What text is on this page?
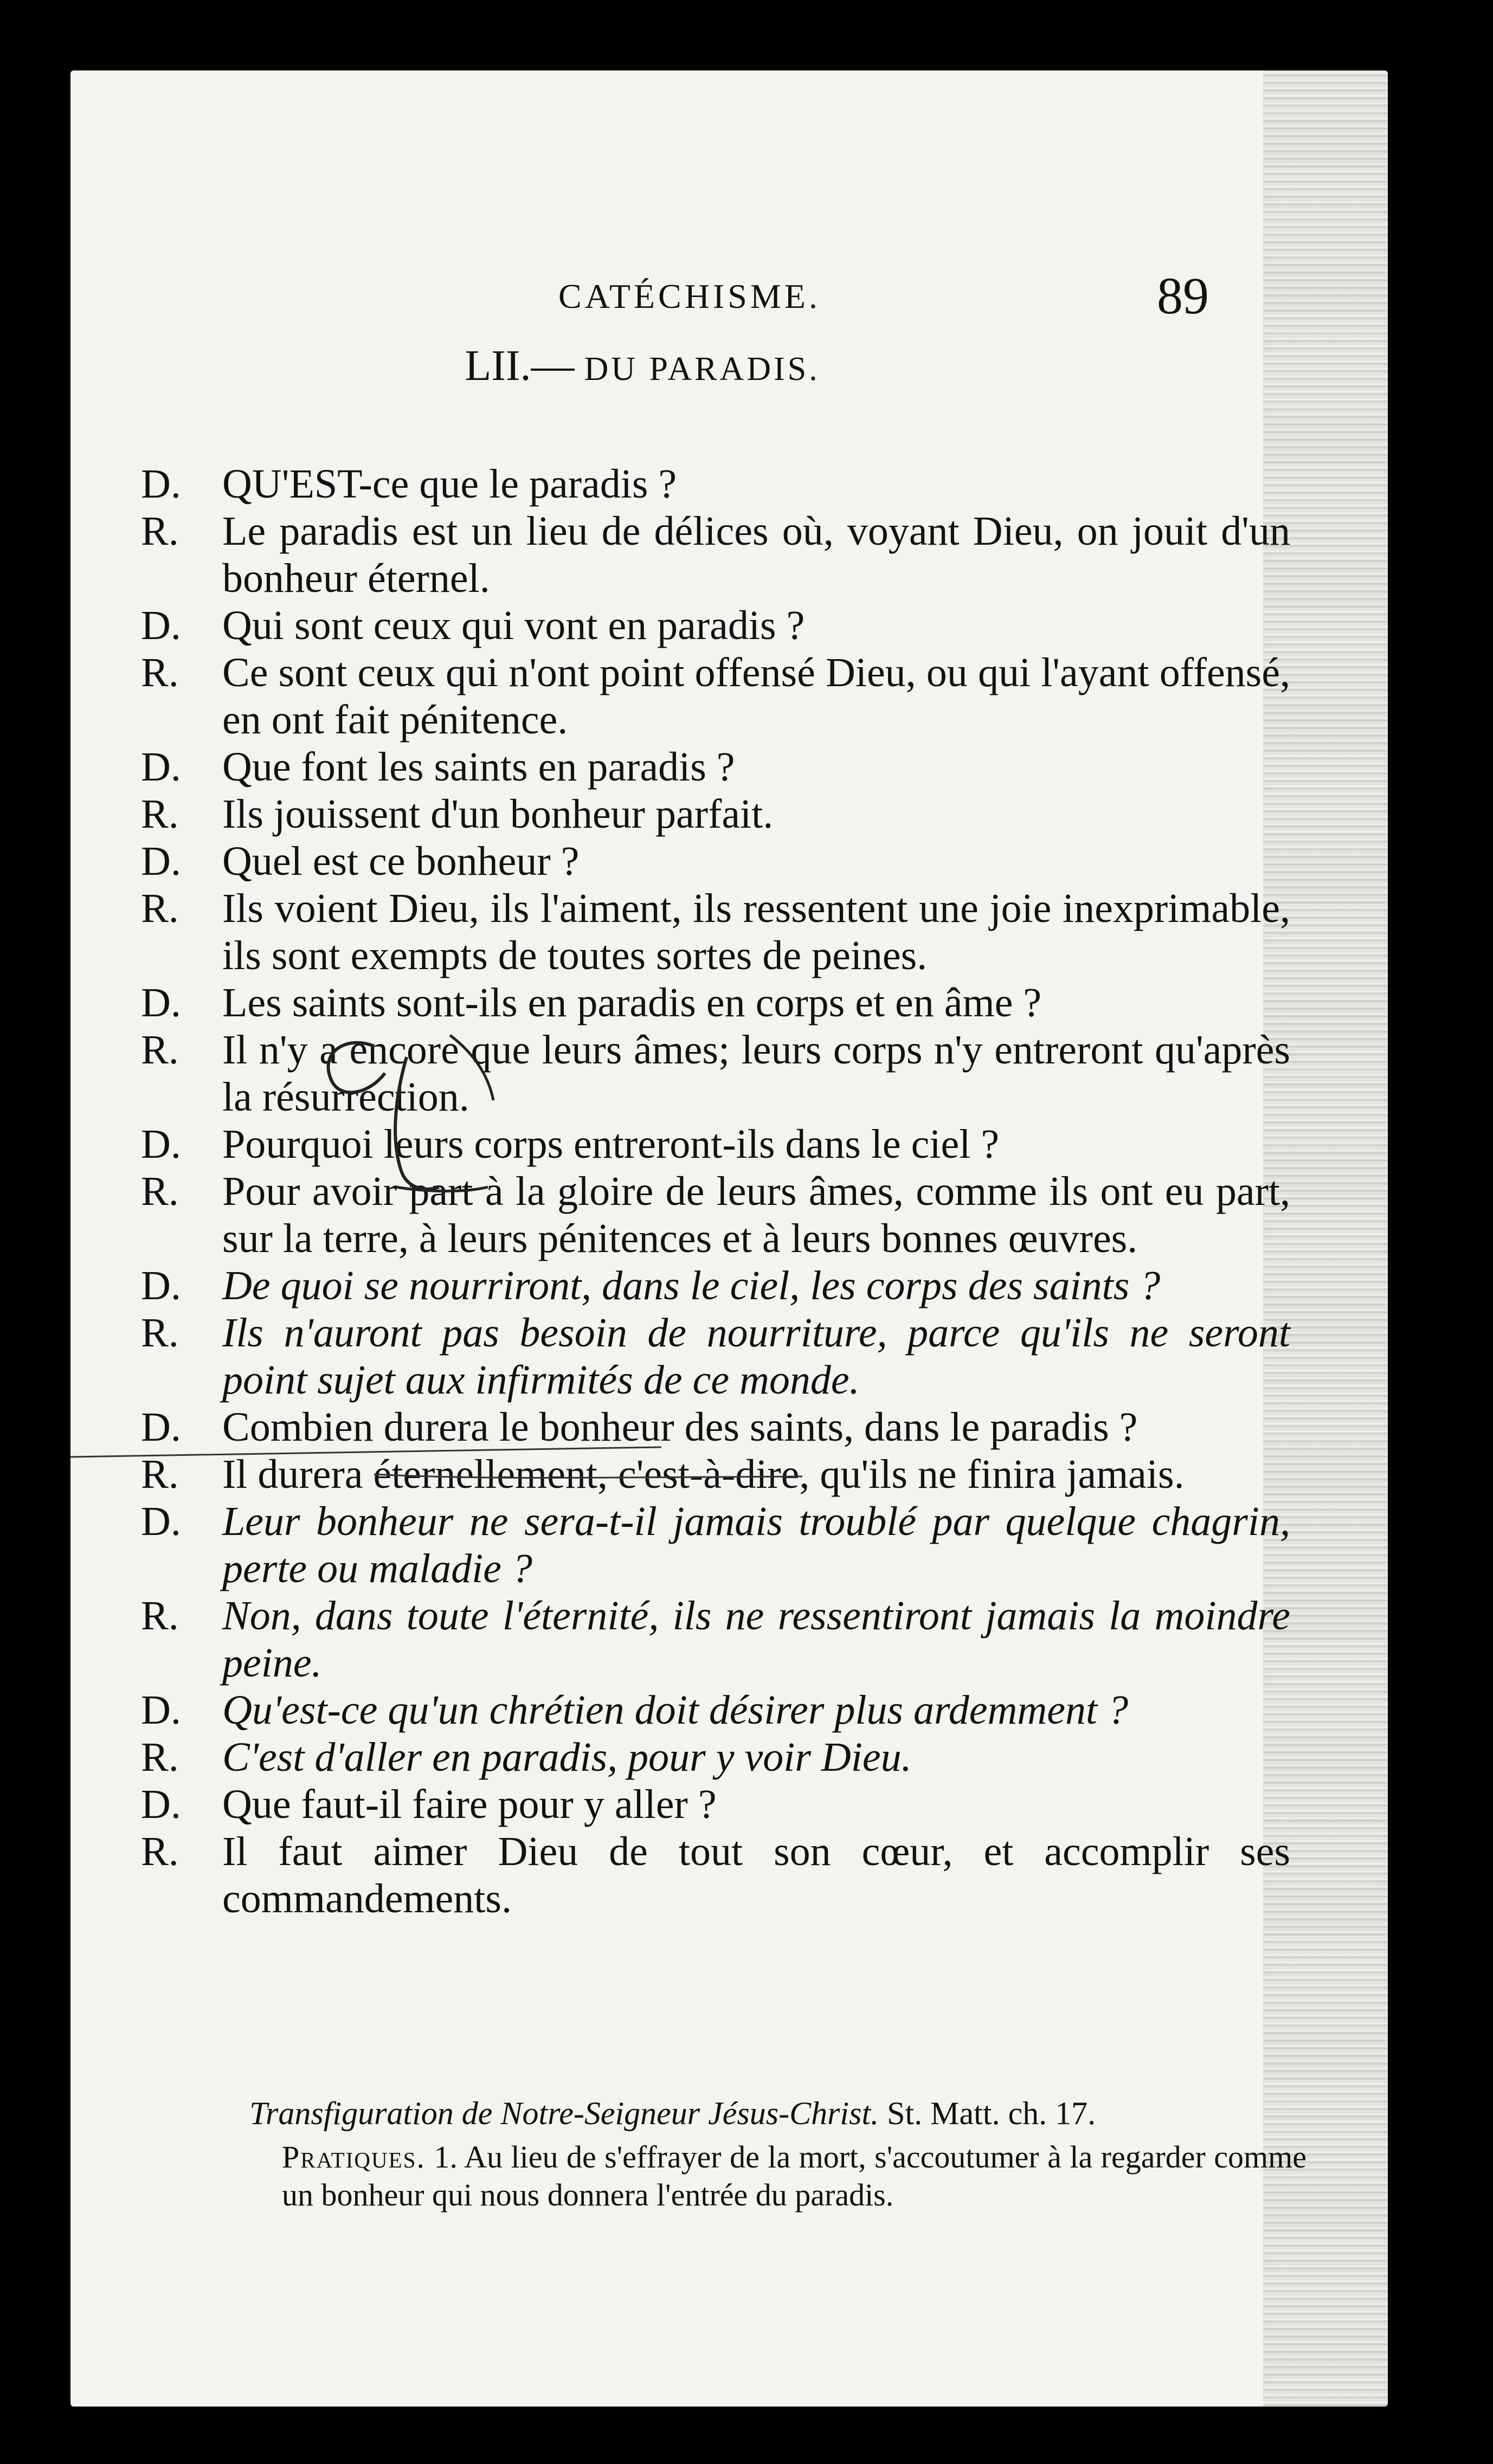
CATÉCHISME.	89
LII.— DU PARADIS.
D.	QU'EST-ce que le paradis ?
R.	Le paradis est un lieu de délices où, voyant Dieu, on jouit d'un bonheur éternel.
D.	Qui sont ceux qui vont en paradis ?
R.	Ce sont ceux qui n'ont point offensé Dieu, ou qui l'ayant offensé, en ont fait pénitence.
D.	Que font les saints en paradis ?
R.	Ils jouissent d'un bonheur parfait.
D.	Quel est ce bonheur ?
R.	Ils voient Dieu, ils l'aiment, ils ressentent une joie inexprimable, ils sont exempts de toutes sortes de peines.
D.	Les saints sont-ils en paradis en corps et en âme ?
R.	Il n'y a encore que leurs âmes; leurs corps n'y entreront qu'après la résurrection.
D.	Pourquoi leurs corps entreront-ils dans le ciel ?
R.	Pour avoir part à la gloire de leurs âmes, comme ils ont eu part, sur la terre, à leurs pénitences et à leurs bonnes œuvres.
D.	De quoi se nourriront, dans le ciel, les corps des saints ?
R.	Ils n'auront pas besoin de nourriture, parce qu'ils ne seront point sujet aux infirmités de ce monde.
D.	Combien durera le bonheur des saints, dans le paradis ?
R.	Il durera éternellement, c'est-à-dire, qu'ils ne finira jamais.
D.	Leur bonheur ne sera-t-il jamais troublé par quelque chagrin, perte ou maladie ?
R.	Non, dans toute l'éternité, ils ne ressentiront jamais la moindre peine.
D.	Qu'est-ce qu'un chrétien doit désirer plus ardemment ?
R.	C'est d'aller en paradis, pour y voir Dieu.
D.	Que faut-il faire pour y aller ?
R.	Il faut aimer Dieu de tout son cœur, et accomplir ses commandements.
Transfiguration de Notre-Seigneur Jésus-Christ. St. Matt. ch. 17.
Pratiques. 1. Au lieu de s'effrayer de la mort, s'accoutumer à la regarder comme un bonheur qui nous donnera l'entrée du paradis.
